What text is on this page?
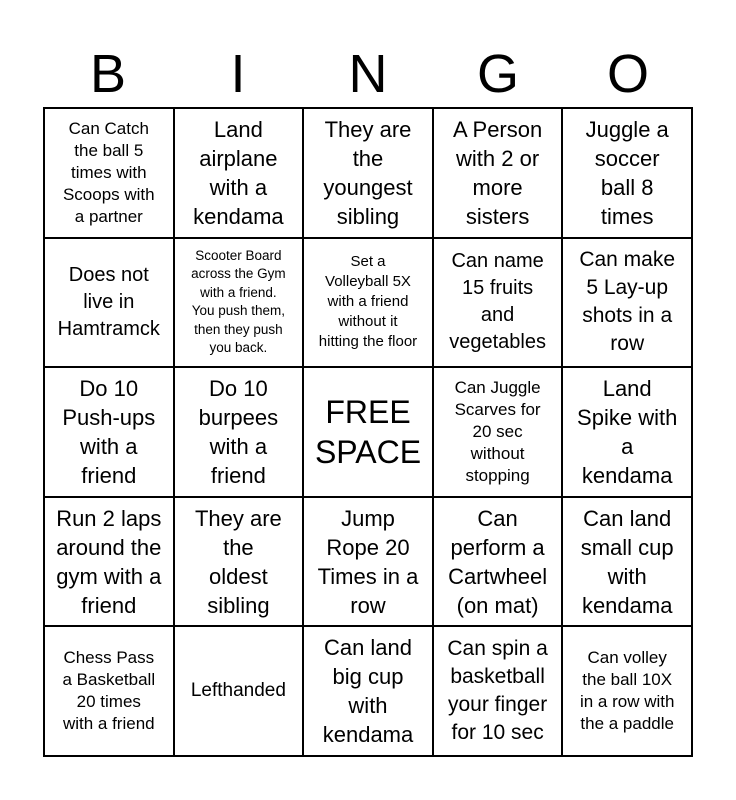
B	I	N	G	O
Can Catch
the ball 5
times with
Scoops with
a partner
Land
airplane
with a
kendama
They are
the
youngest
sibling
A Person
with 2 or
more
sisters
Juggle a
soccer
ball 8
times
Does not
live in
Hamtramck
Scooter Board
across the Gym
with a friend.
You push them,
then they push
you back.
Set a
Volleyball 5X
with a friend
without it
hitting the floor
Can name
15 fruits
and
vegetables
Can make
5 Lay-up
shots in a
row
Do 10
Push-ups
with a
friend
Do 10
burpees
with a
friend
FREE
SPACE
Can Juggle
Scarves for
20 sec
without
stopping
Land
Spike with
a
kendama
Run 2 laps
around the
gym with a
friend
They are
the
oldest
sibling
Jump
Rope 20
Times in a
row
Can
perform a
Cartwheel
(on mat)
Can land
small cup
with
kendama
Chess Pass
a Basketball
20 times
with a friend
Lefthanded
Can land
big cup
with
kendama
Can spin a
basketball
your finger
for 10 sec
Can volley
the ball 10X
in a row with
the a paddle
